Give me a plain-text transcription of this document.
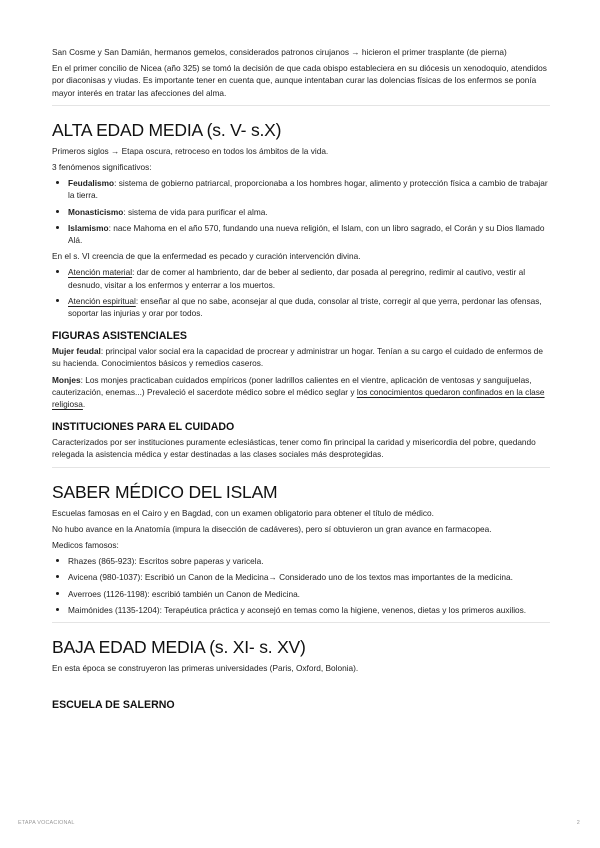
San Cosme y San Damián, hermanos gemelos, considerados patronos cirujanos → hicieron el primer trasplante (de pierna)

En el primer concilio de Nicea (año 325) se tomó la decisión de que cada obispo estableciera en su diócesis un xenodoquio, atendidos por diaconisas y viudas. Es importante tener en cuenta que, aunque intentaban curar las dolencias físicas de los enfermos se ponía mayor interés en tratar las afecciones del alma.

ALTA EDAD MEDIA (s. V- s.X)

Primeros siglos → Etapa oscura, retroceso en todos los ámbitos de la vida.

3 fenómenos significativos:

Feudalismo: sistema de gobierno patriarcal, proporcionaba a los hombres hogar, alimento y protección física a cambio de trabajar la tierra.
Monasticismo: sistema de vida para purificar el alma.
Islamismo: nace Mahoma en el año 570, fundando una nueva religión, el Islam, con un libro sagrado, el Corán y su Dios llamado Alá.

En el s. VI creencia de que la enfermedad es pecado y curación intervención divina.

Atención material: dar de comer al hambriento, dar de beber al sediento, dar posada al peregrino, redimir al cautivo, vestir al desnudo, visitar a los enfermos y enterrar a los muertos.
Atención espiritual: enseñar al que no sabe, aconsejar al que duda, consolar al triste, corregir al que yerra, perdonar las ofensas, soportar las injurias y orar por todos.
FIGURAS ASISTENCIALES

Mujer feudal: principal valor social era la capacidad de procrear y administrar un hogar. Tenían a su cargo el cuidado de enfermos de su hacienda. Conocimientos básicos y remedios caseros.

Monjes: Los monjes practicaban cuidados empíricos (poner ladrillos calientes en el vientre, aplicación de ventosas y sanguijuelas, cauterización, enemas...) Prevaleció el sacerdote médico sobre el médico seglar y los conocimientos quedaron confinados en la clase religiosa.

INSTITUCIONES PARA EL CUIDADO

Caracterizados por ser instituciones puramente eclesiásticas, tener como fin principal la caridad y misericordia del pobre, quedando relegada la asistencia médica y estar destinadas a las clases sociales más desprotegidas.

SABER MÉDICO DEL ISLAM

Escuelas famosas en el Cairo y en Bagdad, con un examen obligatorio para obtener el título de médico.

No hubo avance en la Anatomía (impura la disección de cadáveres), pero sí obtuvieron un gran avance en farmacopea.

Medicos famosos:

Rhazes (865-923): Escritos sobre paperas y varicela.
Avicena (980-1037): Escribió un Canon de la Medicina→ Considerado uno de los textos mas importantes de la medicina.
Averroes (1126-1198): escribió también un Canon de Medicina.
Maimónides (1135-1204): Terapéutica práctica y aconsejó en temas como la higiene, venenos, dietas y los primeros auxilios.
BAJA EDAD MEDIA (s. XI- s. XV)

En esta época se construyeron las primeras universidades (Paris, Oxford, Bolonia).

ESCUELA DE SALERNO
ETAPA VOCACIONAL	2
